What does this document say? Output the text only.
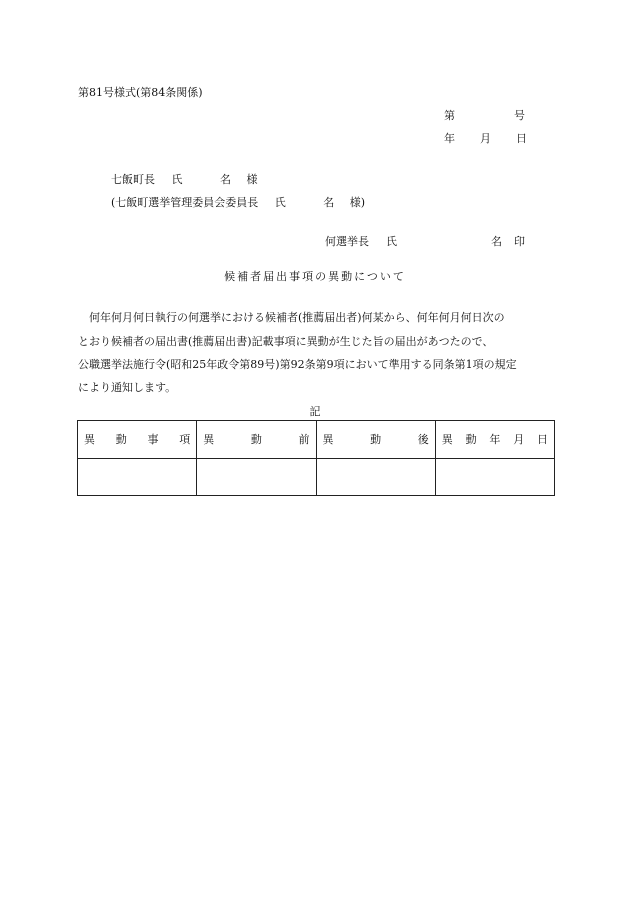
第81号様式(第84条関係)
第	号
年 月 日
七飯町長 氏	名 様
(七飯町選挙管理委員会委員長 氏	名 様)
何選挙長 氏	名 印
候補者届出事項の異動について
　何年何月何日執行の何選挙における候補者(推薦届出者)何某から、何年何月何日次の
とおり候補者の届出書(推薦届出書)記載事項に異動が生じた旨の届出があつたので、
公職選挙法施行令(昭和25年政令第89号)第92条第9項において準用する同条第1項の規定
により通知します。
記
異 動 事 項	異 動 前	異 動 後	異 動 年 月 日
